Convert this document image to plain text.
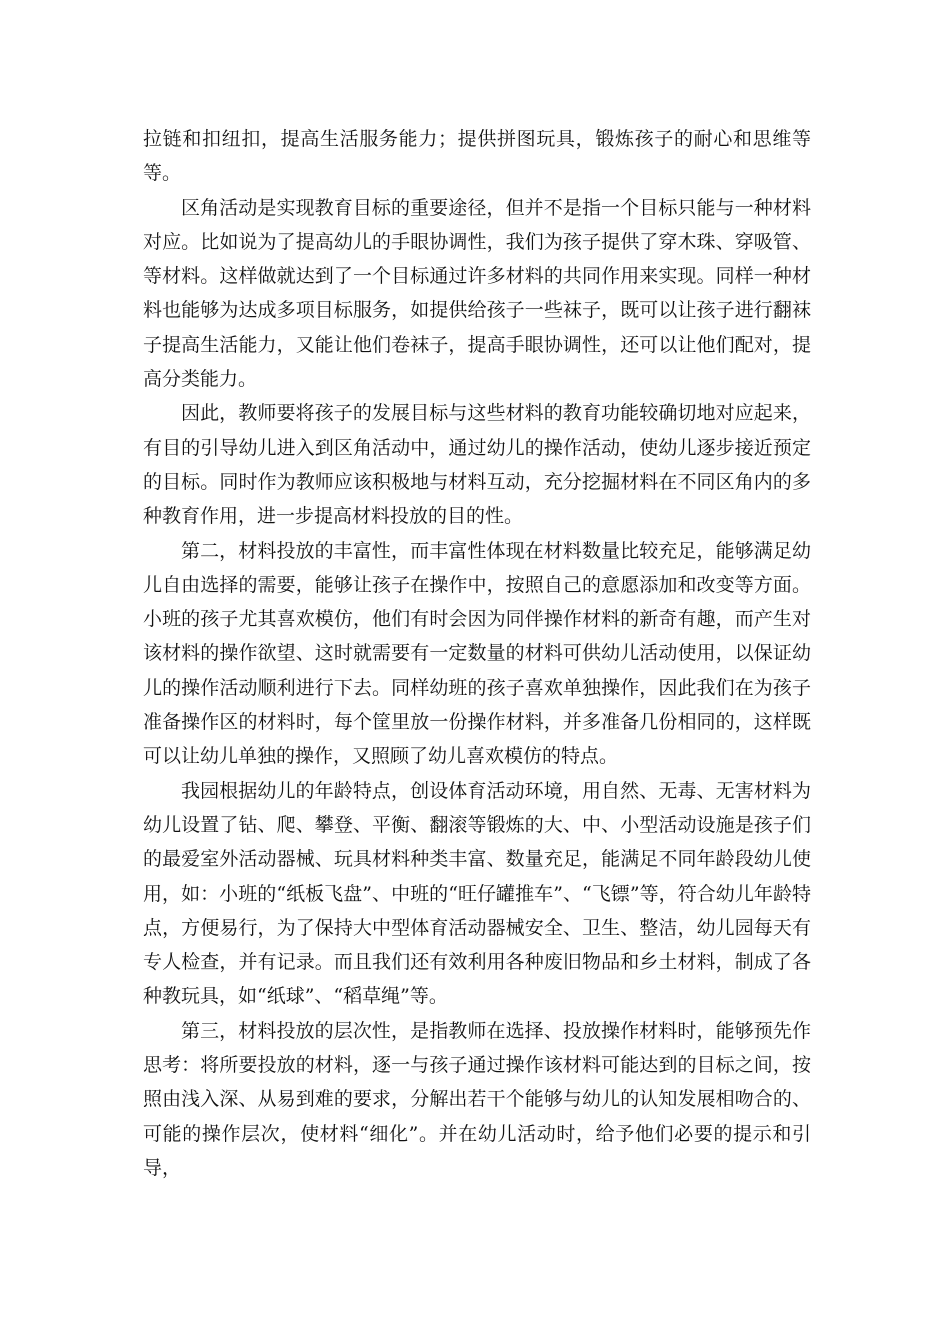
拉链和扣纽扣，提高生活服务能力；提供拼图玩具，锻炼孩子的耐心和思维等等。

区角活动是实现教育目标的重要途径，但并不是指一个目标只能与一种材料对应。比如说为了提高幼儿的手眼协调性，我们为孩子提供了穿木珠、穿吸管、等材料。这样做就达到了一个目标通过许多材料的共同作用来实现。同样一种材料也能够为达成多项目标服务，如提供给孩子一些袜子，既可以让孩子进行翻袜子提高生活能力，又能让他们卷袜子，提高手眼协调性，还可以让他们配对，提高分类能力。

因此，教师要将孩子的发展目标与这些材料的教育功能较确切地对应起来，有目的引导幼儿进入到区角活动中，通过幼儿的操作活动，使幼儿逐步接近预定的目标。同时作为教师应该积极地与材料互动，充分挖掘材料在不同区角内的多种教育作用，进一步提高材料投放的目的性。

第二，材料投放的丰富性，而丰富性体现在材料数量比较充足，能够满足幼儿自由选择的需要，能够让孩子在操作中，按照自己的意愿添加和改变等方面。小班的孩子尤其喜欢模仿，他们有时会因为同伴操作材料的新奇有趣，而产生对该材料的操作欲望、这时就需要有一定数量的材料可供幼儿活动使用，以保证幼儿的操作活动顺利进行下去。同样幼班的孩子喜欢单独操作，因此我们在为孩子准备操作区的材料时，每个筐里放一份操作材料，并多准备几份相同的，这样既可以让幼儿单独的操作，又照顾了幼儿喜欢模仿的特点。

我园根据幼儿的年龄特点，创设体育活动环境，用自然、无毒、无害材料为幼儿设置了钻、爬、攀登、平衡、翻滚等锻炼的大、中、小型活动设施是孩子们的最爱室外活动器械、玩具材料种类丰富、数量充足，能满足不同年龄段幼儿使用，如：小班的“纸板飞盘”、中班的“旺仔罐推车”、“飞镖”等，符合幼儿年龄特点，方便易行，为了保持大中型体育活动器械安全、卫生、整洁，幼儿园每天有专人检查，并有记录。而且我们还有效利用各种废旧物品和乡土材料，制成了各种教玩具，如“纸球”、“稻草绳”等。

第三，材料投放的层次性，是指教师在选择、投放操作材料时，能够预先作思考：将所要投放的材料，逐一与孩子通过操作该材料可能达到的目标之间，按照由浅入深、从易到难的要求，分解出若干个能够与幼儿的认知发展相吻合的、可能的操作层次，使材料“细化”。并在幼儿活动时，给予他们必要的提示和引导，
